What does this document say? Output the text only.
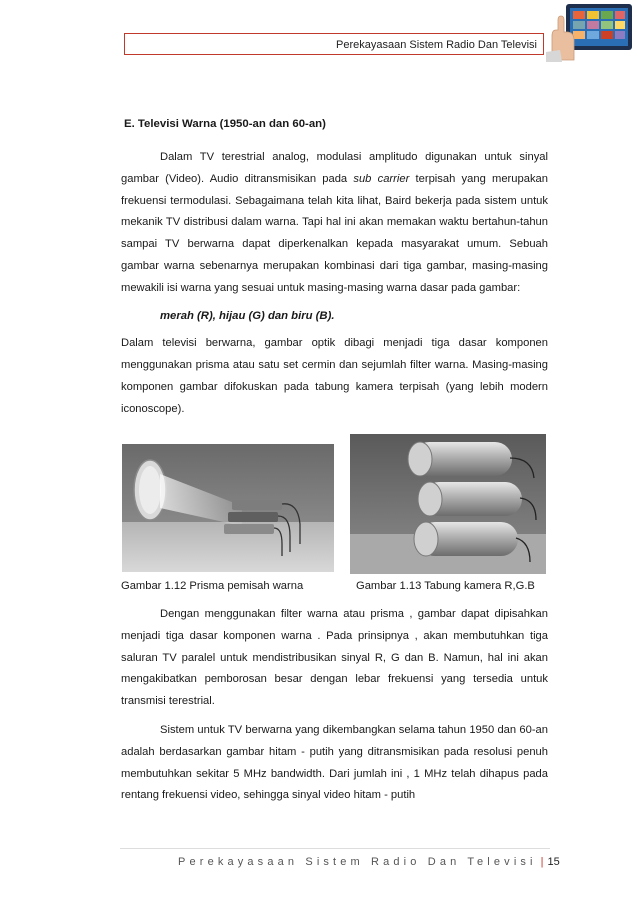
Perekayasaan Sistem Radio Dan Televisi
E. Televisi Warna (1950-an dan 60-an)

Dalam TV terestrial analog, modulasi amplitudo digunakan untuk sinyal gambar (Video). Audio ditransmisikan pada sub carrier terpisah yang merupakan frekuensi termodulasi. Sebagaimana telah kita lihat, Baird bekerja pada sistem untuk mekanik TV distribusi dalam warna. Tapi hal ini akan memakan waktu bertahun-tahun sampai TV berwarna dapat diperkenalkan kepada masyarakat umum. Sebuah gambar warna sebenarnya merupakan kombinasi dari tiga gambar, masing-masing mewakili isi warna yang sesuai untuk masing-masing warna dasar pada gambar:

merah (R), hijau (G) dan biru (B).

Dalam televisi berwarna, gambar optik dibagi menjadi tiga dasar komponen menggunakan prisma atau satu set cermin dan sejumlah filter warna. Masing-masing komponen gambar difokuskan pada tabung kamera terpisah (yang lebih modern iconoscope).

Gambar 1.12 Prisma pemisah warna	Gambar 1.13 Tabung kamera R,G.B

Dengan menggunakan filter warna atau prisma , gambar dapat dipisahkan menjadi tiga dasar komponen warna . Pada prinsipnya , akan membutuhkan tiga saluran TV paralel untuk mendistribusikan sinyal R, G dan B. Namun, hal ini akan mengakibatkan pemborosan besar dengan lebar frekuensi yang tersedia untuk transmisi terestrial.

Sistem untuk TV berwarna yang dikembangkan selama tahun 1950 dan 60-an adalah berdasarkan gambar hitam - putih yang ditransmisikan pada resolusi penuh membutuhkan sekitar 5 MHz bandwidth. Dari jumlah ini , 1 MHz telah dihapus pada rentang frekuensi video, sehingga sinyal video hitam - putih

Perekayasaan Sistem Radio Dan Televisi | 15
